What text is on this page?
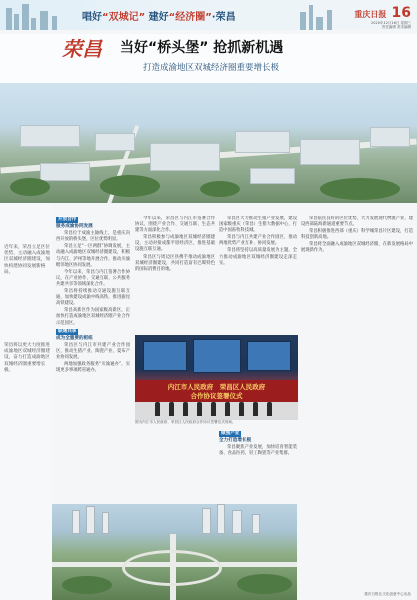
唱好“双城记” 建好“经济圈”·荣昌	重庆日报 16
2020年12月16日 星期三
责任编辑 美术编辑
荣昌 当好“桥头堡” 抢抓新机遇
打造成渝地区双城经济圈重要增长极
近年来，荣昌立足区位优势，主动融入成渝地区双城经济圈建设，加快构建协同发展新格局。
荣昌将以更大力度推进成渝地区双城经济圈建设，奋力打造成渝地区双城经济圈重要增长极。
开放合作
服务成渝协同发展

荣昌位于成渝主轴线上，是重庆向西开放的桥头堡，区位优势明显。

荣昌立足“一区两群”协调发展，主动融入成渝地区双城经济圈建设，积极与内江、泸州等地开展合作，推动川渝毗邻地区协同发展。

今年以来，荣昌与内江签署合作协议，在产业协作、交通互联、公共服务共建共享等领域深化合作。

荣昌将持续推动交通设施互联互通，加快建设成渝中线高铁，推进渝昆高铁建设。

荣昌高新区作为国家级高新区，正加快打造成渝地区双城经济圈产业合作示范园区。

联通共享
成为全重要的枢纽

荣昌区与内江市共建产业合作园区，推动生猪产业、陶瓷产业、夏布产业协同发展。

两地加强政务服务“川渝通办”，实现更多事项跨省通办。

今年以来，荣昌区与内江市签署合作协议，围绕产业合作、交通互联、生态共建等方面深化合作。

荣昌积极参与成渝地区双城经济圈建设，主动对接成都平原经济区，推进基础设施互联互通。

荣昌区与周边区县携手推动成渝地区双城经济圈建设，共同打造富有巴蜀特色的国际消费目的地。

荣昌区大力推动生猪产业发展，建设国家级重庆（荣昌）生猪大数据中心，打造中国畜牧科技城。

荣昌与内江共建产业合作园区，推动两地优势产业互补、协同发展。

荣昌将坚持以高质量发展为主题，全力推动成渝地区双城经济圈建设走深走实。

做强产业
全力打造增长极

荣昌聚焦产业发展，加快培育智能装备、食品医药、轻工陶瓷等产业集群。

荣昌依托良好的区位优势，大力发展现代物流产业，建设西部陆海新通道重要节点。

荣昌积极推进西部（重庆）科学城荣昌片区建设，打造科技创新高地。

荣昌将全面融入成渝地区双城经济圈，在新发展格局中展现新作为。

内江市人民政府　荣昌区人民政府
合作协议签署仪式
图为内江市人民政府、荣昌区人民政府合作协议签署仪式现场。
重庆日报社文化创意中心出品
